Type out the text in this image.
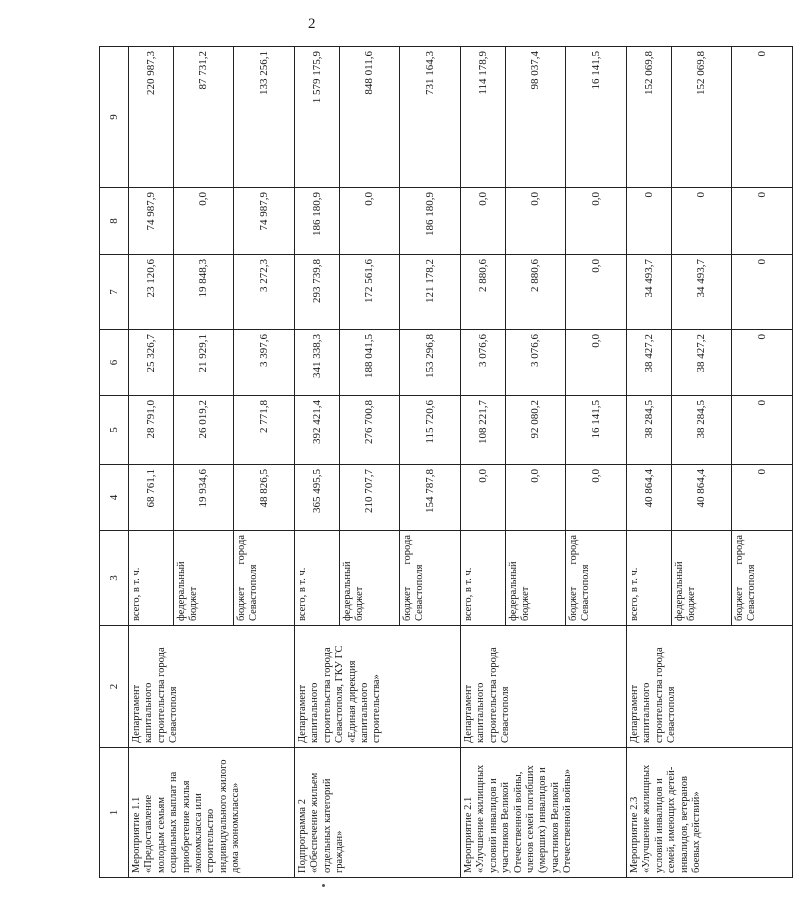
2
1	2	3	4	5	6	7	8	9
Мероприятие 1.1 «Предоставление молодым семьям социальных выплат на приобретение жилья экономкласса или строительство индивидуального жилого дома экономкласса»	Департамент капитального строительства города Севастополя	всего, в т. ч.	68 761,1	28 791,0	25 326,7	23 120,6	74 987,9	220 987,3
		федеральный бюджет	19 934,6	26 019,2	21 929,1	19 848,3	0,0	87 731,2
		бюджет города Севастополя	48 826,5	2 771,8	3 397,6	3 272,3	74 987,9	133 256,1
Подпрограмма 2 «Обеспечение жильем отдельных категорий граждан»	Департамент капитального строительства города Севастополя, ГКУ ГС «Единая дирекция капитального строительства»	всего, в т. ч.	365 495,5	392 421,4	341 338,3	293 739,8	186 180,9	1 579 175,9
		федеральный бюджет	210 707,7	276 700,8	188 041,5	172 561,6	0,0	848 011,6
		бюджет города Севастополя	154 787,8	115 720,6	153 296,8	121 178,2	186 180,9	731 164,3
Мероприятие 2.1 «Улучшение жилищных условий инвалидов и участников Великой Отечественной войны, членов семей погибших (умерших) инвалидов и участников Великой Отечественной войны»	Департамент капитального строительства города Севастополя	всего, в т. ч.	0,0	108 221,7	3 076,6	2 880,6	0,0	114 178,9
		федеральный бюджет	0,0	92 080,2	3 076,6	2 880,6	0,0	98 037,4
		бюджет города Севастополя	0,0	16 141,5	0,0	0,0	0,0	16 141,5
Мероприятие 2.3 «Улучшение жилищных условий инвалидов и семей, имеющих детей-инвалидов, ветеранов боевых действий»	Департамент капитального строительства города Севастополя	всего, в т. ч.	40 864,4	38 284,5	38 427,2	34 493,7	0	152 069,8
		федеральный бюджет	40 864,4	38 284,5	38 427,2	34 493,7	0	152 069,8
		бюджет города Севастополя	0	0	0	0	0	0
